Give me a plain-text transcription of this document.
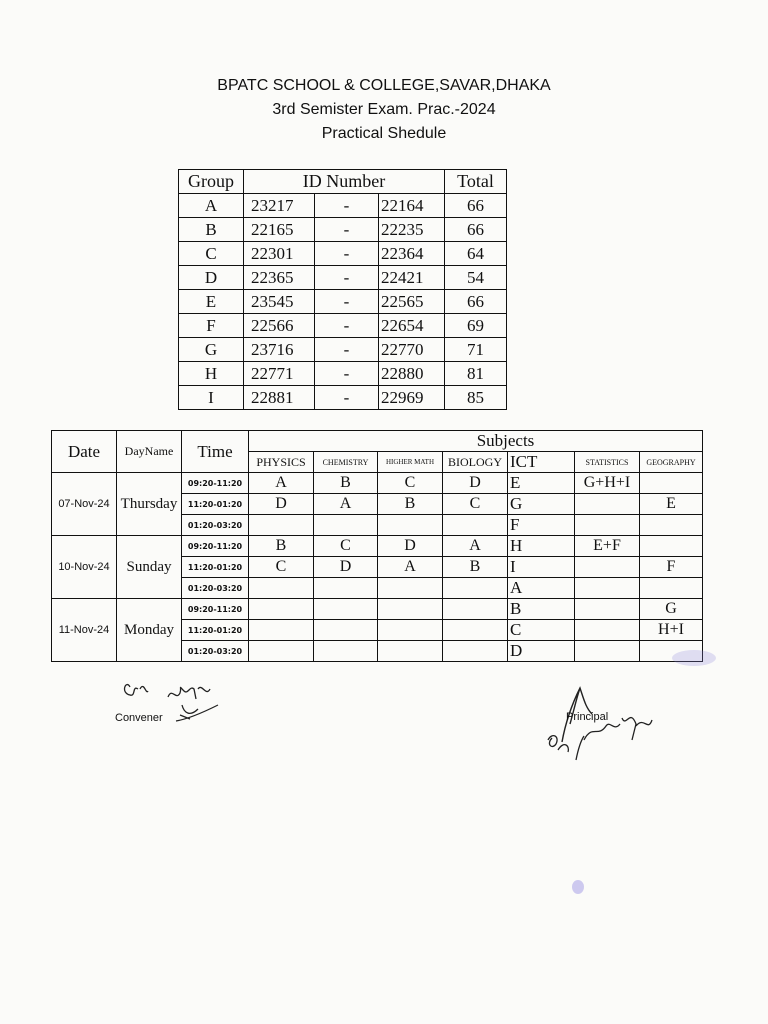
BPATC SCHOOL & COLLEGE,SAVAR,DHAKA
3rd Semister Exam. Prac.-2024
Practical Shedule
Group	ID Number			Total
A	23217	-	22164	66
B	22165	-	22235	66
C	22301	-	22364	64
D	22365	-	22421	54
E	23545	-	22565	66
F	22566	-	22654	69
G	23716	-	22770	71
H	22771	-	22880	81
I	22881	-	22969	85
Date	DayName	Time	Subjects						
			PHYSICS	CHEMISTRY	HIGHER MATH	BIOLOGY	ICT	STATISTICS	GEOGRAPHY
07-Nov-24	Thursday	09:20-11:20	A	B	C	D	E	G+H+I	
		11:20-01:20	D	A	B	C	G		E
		01:20-03:20					F		
10-Nov-24	Sunday	09:20-11:20	B	C	D	A	H	E+F	
		11:20-01:20	C	D	A	B	I		F
		01:20-03:20					A		
11-Nov-24	Monday	09:20-11:20					B		G
		11:20-01:20					C		H+I
		01:20-03:20					D		
Convener	Principal
